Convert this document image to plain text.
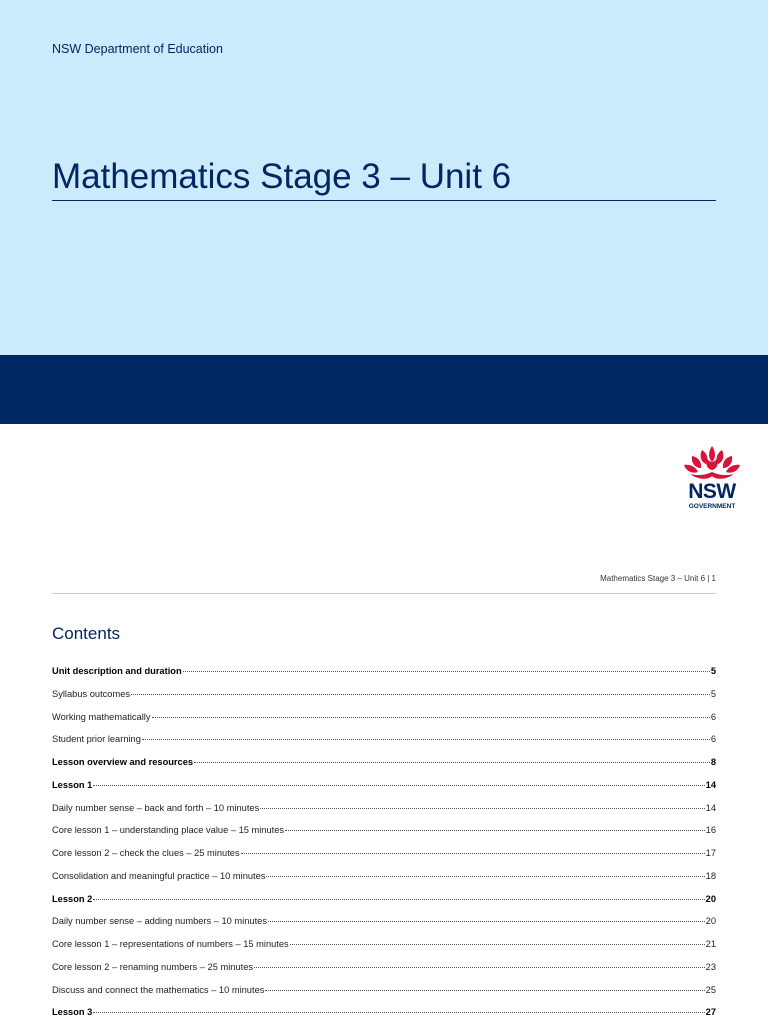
NSW Department of Education
Mathematics Stage 3 – Unit 6
NSW
GOVERNMENT
Mathematics Stage 3 – Unit 6 | 1
Contents
Unit description and duration	5
Syllabus outcomes	5
Working mathematically	6
Student prior learning	6
Lesson overview and resources	8
Lesson 1	14
Daily number sense – back and forth – 10 minutes	14
Core lesson 1 – understanding place value – 15 minutes	16
Core lesson 2 – check the clues – 25 minutes	17
Consolidation and meaningful practice – 10 minutes	18
Lesson 2	20
Daily number sense – adding numbers – 10 minutes	20
Core lesson 1 – representations of numbers – 15 minutes	21
Core lesson 2 – renaming numbers – 25 minutes	23
Discuss and connect the mathematics – 10 minutes	25
Lesson 3	27
